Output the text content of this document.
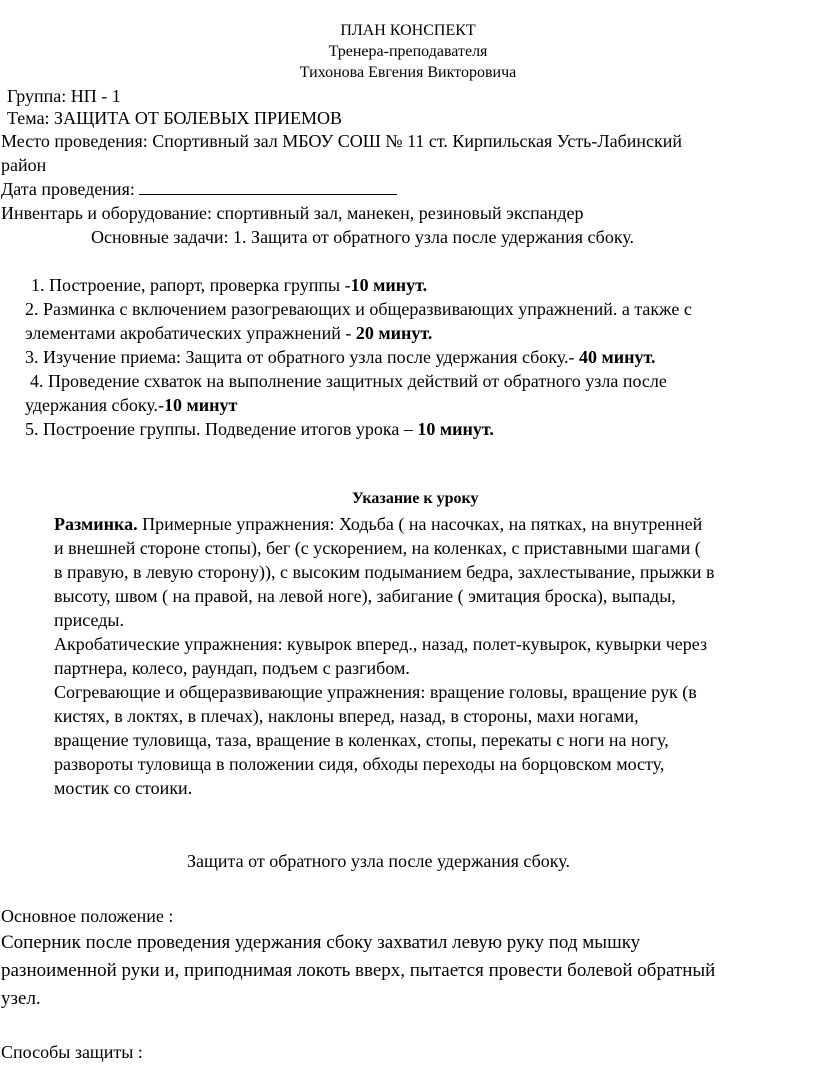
ПЛАН КОНСПЕКТ
Тренера-преподавателя
Тихонова Евгения Викторовича
Группа: НП - 1
Тема: ЗАЩИТА ОТ БОЛЕВЫХ ПРИЕМОВ
Место проведения: Спортивный зал МБОУ СОШ № 11 ст. Кирпильская Усть-Лабинский
район
Дата проведения:
Инвентарь и оборудование: спортивный зал, манекен, резиновый экспандер
Основные задачи: 1. Защита от обратного узла после удержания сбоку.
1. Построение, рапорт, проверка группы -10 минут.
2. Разминка с включением разогревающих и общеразвивающих упражнений. а также с
элементами акробатических упражнений - 20 минут.
3. Изучение приема: Защита от обратного узла после удержания сбоку.- 40 минут.
4. Проведение схваток на выполнение защитных действий от обратного узла после
удержания сбоку.-10 минут
5. Построение группы. Подведение итогов урока – 10 минут.
Указание к уроку
Разминка. Примерные упражнения: Ходьба ( на насочках, на пятках, на внутренней
и внешней стороне стопы), бег (с ускорением, на коленках, с приставными шагами (
в правую, в левую сторону)), с высоким подыманием бедра, захлестывание, прыжки в
высоту, швом ( на правой, на левой ноге), забигание ( эмитация броска), выпады,
приседы.
Акробатические упражнения: кувырок вперед., назад, полет-кувырок, кувырки через
партнера, колесо, раундап, подъем с разгибом.
Согревающие и общеразвивающие упражнения: вращение головы, вращение рук (в
кистях, в локтях, в плечах), наклоны вперед, назад, в стороны, махи ногами,
вращение туловища, таза, вращение в коленках, стопы, перекаты с ноги на ногу,
развороты туловища в положении сидя, обходы переходы на борцовском мосту,
мостик со стоики.
Защита от обратного узла после удержания сбоку.
Основное положение :
Соперник после проведения удержания сбоку захватил левую руку под мышку
разноименной руки и, приподнимая локоть вверх, пытается провести болевой обратный
узел.
Способы защиты :
